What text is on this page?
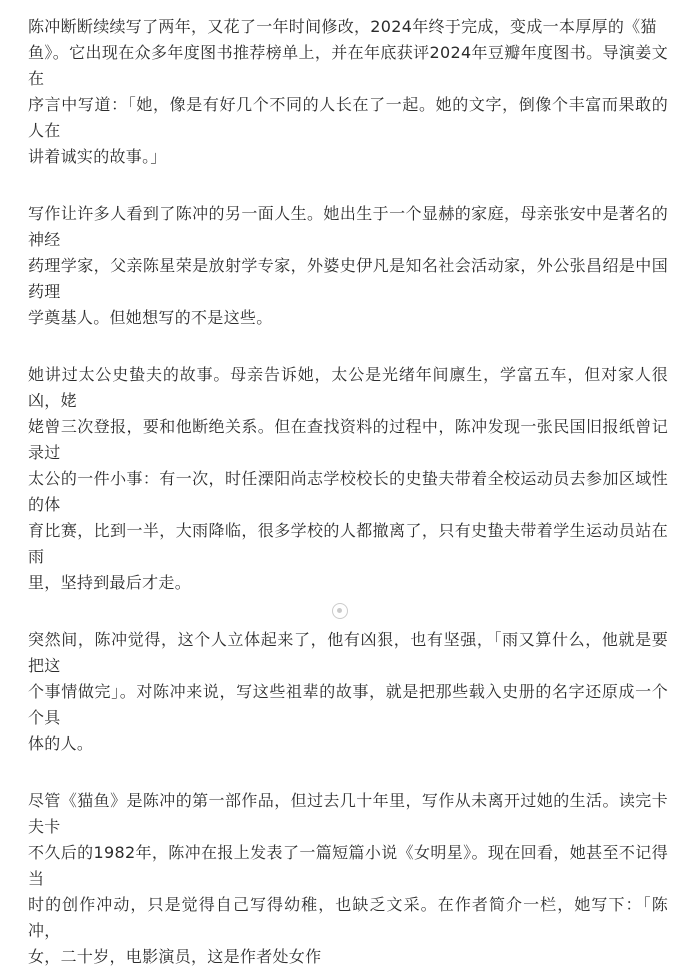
陈冲断断续续写了两年，又花了一年时间修改，2024年终于完成，变成一本厚厚的《猫
鱼》。它出现在众多年度图书推荐榜单上，并在年底获评2024年豆瓣年度图书。导演姜文在
序言中写道：「她，像是有好几个不同的人长在了一起。她的文字，倒像个丰富而果敢的人在
讲着诚实的故事。」

写作让许多人看到了陈冲的另一面人生。她出生于一个显赫的家庭，母亲张安中是著名的神经
药理学家，父亲陈星荣是放射学专家，外婆史伊凡是知名社会活动家，外公张昌绍是中国药理
学奠基人。但她想写的不是这些。

她讲过太公史蛰夫的故事。母亲告诉她，太公是光绪年间廪生，学富五车，但对家人很凶，姥
姥曾三次登报，要和他断绝关系。但在查找资料的过程中，陈冲发现一张民国旧报纸曾记录过
太公的一件小事：有一次，时任溧阳尚志学校校长的史蛰夫带着全校运动员去参加区域性的体
育比赛，比到一半，大雨降临，很多学校的人都撤离了，只有史蛰夫带着学生运动员站在雨
里，坚持到最后才走。

突然间，陈冲觉得，这个人立体起来了，他有凶狠，也有坚强，「雨又算什么，他就是要把这
个事情做完」。对陈冲来说，写这些祖辈的故事，就是把那些载入史册的名字还原成一个个具
体的人。

尽管《猫鱼》是陈冲的第一部作品，但过去几十年里，写作从未离开过她的生活。读完卡夫卡
不久后的1982年，陈冲在报上发表了一篇短篇小说《女明星》。现在回看，她甚至不记得当
时的创作冲动，只是觉得自己写得幼稚，也缺乏文采。在作者简介一栏，她写下：「陈冲，
女，二十岁，电影演员，这是作者处女作
